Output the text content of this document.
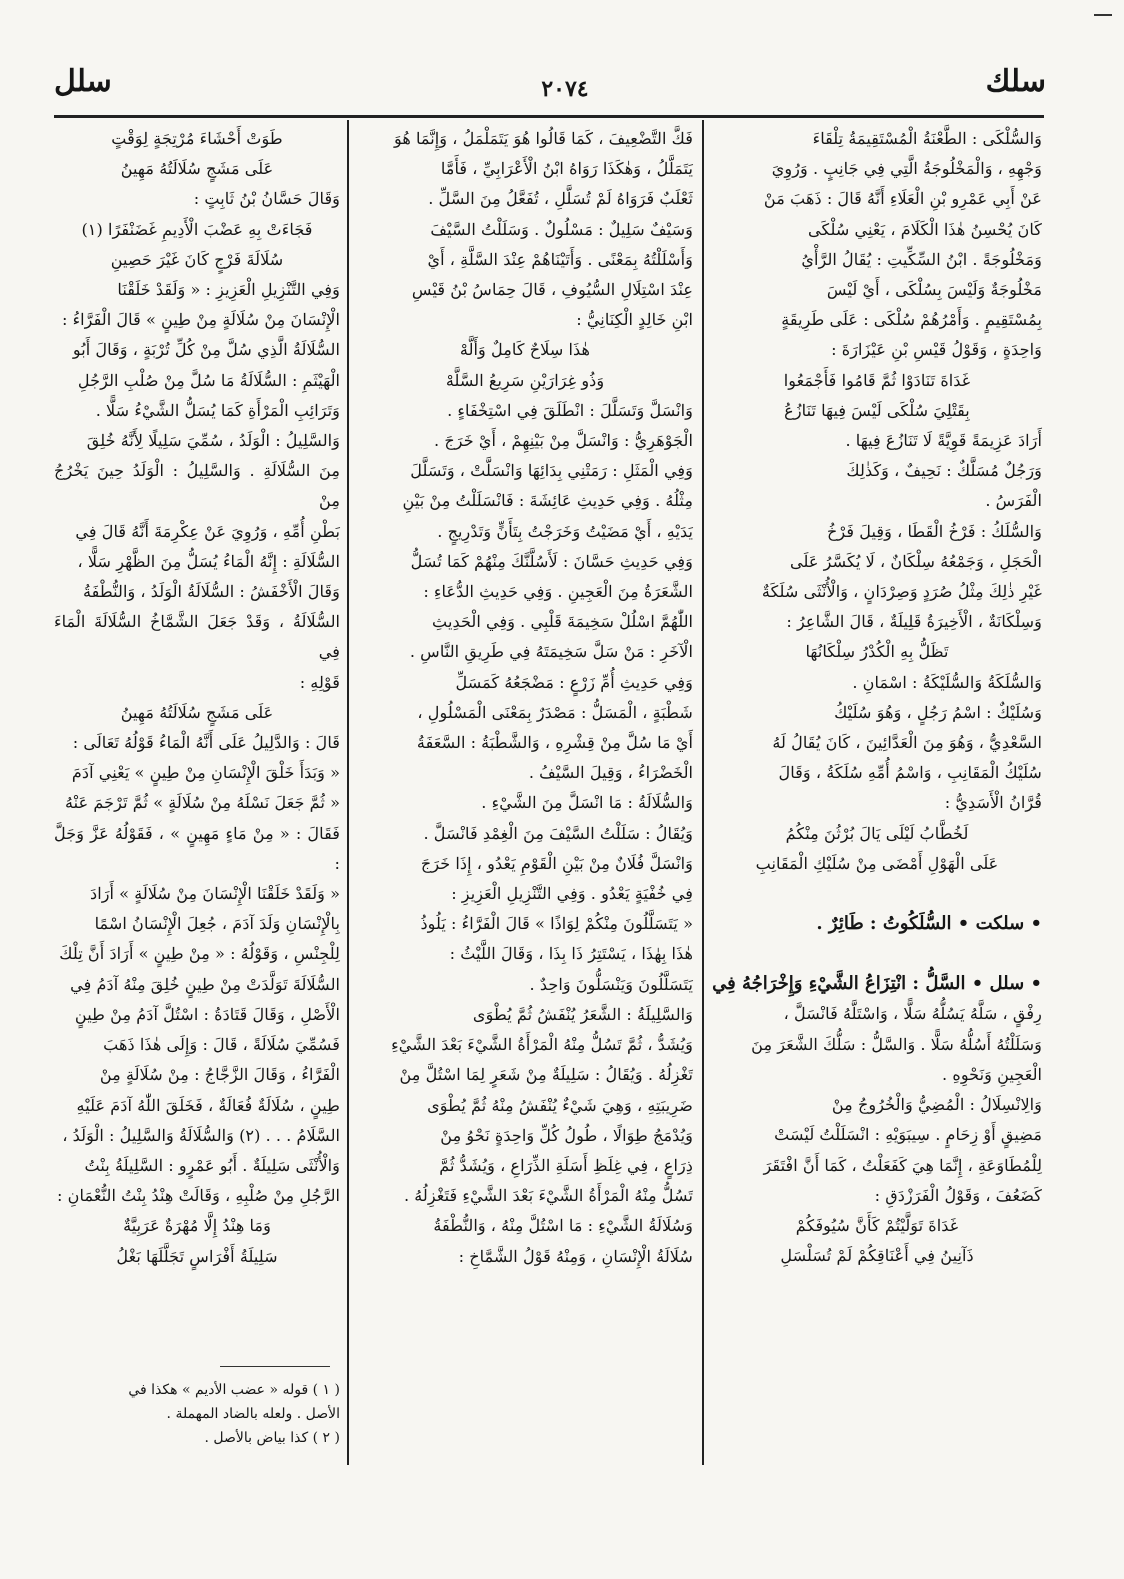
سلك
٢٠٧٤
سلل

وَالسُّلْكَى : الطَّعْنَةُ الْمُسْتَقِيمَةُ تِلْقَاءَ

وَجْهِهِ ، وَالْمَخْلُوجَةُ الَّتِي فِي جَانِبٍ . وَرُوِيَ

عَنْ أَبِي عَمْرِو بْنِ الْعَلَاءِ أَنَّهُ قَالَ : ذَهَبَ مَنْ

كَانَ يُحْسِنُ هٰذَا الْكَلَامَ ، يَعْنِي سُلْكَى

وَمَخْلُوجَةً . ابْنُ السِّكِّيتِ : يُقَالُ الرَّأْيُ

مَخْلُوجَةٌ وَلَيْسَ بِسُلْكَى ، أَيْ لَيْسَ

بِمُسْتَقِيمٍ . وَأَمْرُهُمْ سُلْكَى : عَلَى طَرِيقَةٍ

وَاحِدَةٍ ، وَقَوْلُ قَيْسِ بْنِ عَيْزَارَةَ :

غَدَاةَ تَنَادَوْا ثُمَّ قَامُوا فَأَجْمَعُوا

بِقَتْلِيَ سُلْكَى لَيْسَ فِيهَا تَنَازُعُ

أَرَادَ عَزِيمَةً قَوِيَّةً لَا تَنَازُعَ فِيهَا .

وَرَجُلٌ مُسَلَّكٌ : نَحِيفٌ ، وَكَذٰلِكَ

الْفَرَسُ .

وَالسُّلَكُ : فَرْخُ الْقَطَا ، وَقِيلَ فَرْخُ

الْحَجَلِ ، وَجَمْعُهُ سِلْكَانٌ ، لَا يُكَسَّرُ عَلَى

غَيْرِ ذٰلِكَ مِثْلُ صُرَدٍ وَصِرْدَانٍ ، وَالْأُنْثَى سُلَكَةٌ

وَسِلْكَانَةٌ ، الْأَخِيرَةُ قَلِيلَةٌ ، قَالَ الشَّاعِرُ :

تَظَلُّ بِهِ الْكُدْرُ سِلْكَانُهَا

وَالسُّلَكَةُ وَالسُّلَيْكَةُ : اسْمَانِ .

وَسُلَيْكٌ : اسْمُ رَجُلٍ ، وَهُوَ سُلَيْكُ

السَّعْدِيُّ ، وَهُوَ مِنَ الْعَدَّائِينَ ، كَانَ يُقَالُ لَهُ

سُلَيْكُ الْمَقَانِبِ ، وَاسْمُ أُمِّهِ سُلَكَةُ ، وَقَالَ

قُرَّانُ الْأَسَدِيُّ :

لَخُطَّابُ لَيْلَى يَالَ بُرْثُنَ مِنْكُمُ

عَلَى الْهَوْلِ أَمْضَى مِنْ سُلَيْكِ الْمَقَانِبِ

• سلكت • السُّلَكُوتُ : طَائِرٌ .

• سلل • السَّلُّ : انْتِزَاعُ الشَّيْءِ وَإِخْرَاجُهُ فِي

رِفْقٍ ، سَلَّهُ يَسُلُّهُ سَلًّا ، وَاسْتَلَّهُ فَانْسَلَّ ،

وَسَلَلْتُهُ أَسُلُّهُ سَلًّا . وَالسَّلُّ : سَلُّكَ الشَّعَرَ مِنَ

الْعَجِينِ وَنَحْوِهِ .

وَالِانْسِلَالُ : الْمُضِيُّ وَالْخُرُوجُ مِنْ

مَضِيقٍ أَوْ زِحَامٍ . سِيبَوَيْهِ : انْسَلَلْتُ لَيْسَتْ

لِلْمُطَاوَعَةِ ، إِنَّمَا هِيَ كَفَعَلْتُ ، كَمَا أَنَّ افْتَقَرَ

كَضَعُفَ ، وَقَوْلُ الْفَرَزْدَقِ :

غَدَاةَ تَوَلَّيْتُمْ كَأَنَّ سُيُوفَكُمْ

ذَآنِينُ فِي أَعْنَاقِكُمْ لَمْ تُسَلْسَلِ

فَكَّ التَّضْعِيفَ ، كَمَا قَالُوا هُوَ يَتَمَلْمَلُ ، وَإِنَّمَا هُوَ

يَتَمَلَّلُ ، وَهٰكَذَا رَوَاهُ ابْنُ الْأَعْرَابِيِّ ، فَأَمَّا

ثَعْلَبٌ فَرَوَاهُ لَمْ تُسَلَّلِ ، تُفَعَّلُ مِنَ السَّلِّ .

وَسَيْفٌ سَلِيلٌ : مَسْلُولٌ . وَسَلَلْتُ السَّيْفَ

وَأَسْلَلْتُهُ بِمَعْنًى . وَأَتَيْنَاهُمْ عِنْدَ السَّلَّةِ ، أَيْ

عِنْدَ اسْتِلَالِ السُّيُوفِ ، قَالَ حِمَاسُ بْنُ قَيْسِ

ابْنِ خَالِدٍ الْكِنَانِيُّ :

هٰذَا سِلَاحٌ كَامِلٌ وَأَلَّهْ

وَذُو غِرَارَيْنِ سَرِيعُ السَّلَّهْ

وَانْسَلَّ وَتَسَلَّلَ : انْطَلَقَ فِي اسْتِخْفَاءٍ .

الْجَوْهَرِيُّ : وَانْسَلَّ مِنْ بَيْنِهِمْ ، أَيْ خَرَجَ .

وَفِي الْمَثَلِ : رَمَتْنِي بِدَائِهَا وَانْسَلَّتْ ، وَتَسَلَّلَ

مِثْلُهُ . وَفِي حَدِيثِ عَائِشَةَ : فَانْسَلَلْتُ مِنْ بَيْنِ

يَدَيْهِ ، أَيْ مَضَيْتُ وَخَرَجْتُ بِتَأَنٍّ وَتَدْرِيجٍ .

وَفِي حَدِيثِ حَسَّانَ : لَأَسُلَّنَّكَ مِنْهُمْ كَمَا تُسَلُّ

الشَّعَرَةُ مِنَ الْعَجِينِ . وَفِي حَدِيثِ الدُّعَاءِ :

اللّٰهُمَّ اسْلُلْ سَخِيمَةَ قَلْبِي . وَفِي الْحَدِيثِ

الْآخَرِ : مَنْ سَلَّ سَخِيمَتَهُ فِي طَرِيقِ النَّاسِ .

وَفِي حَدِيثِ أُمِّ زَرْعٍ : مَضْجَعُهُ كَمَسَلِّ

شَطْبَةٍ ، الْمَسَلُّ : مَصْدَرٌ بِمَعْنَى الْمَسْلُولِ ،

أَيْ مَا سُلَّ مِنْ قِشْرِهِ ، وَالشَّطْبَةُ : السَّعَفَةُ

الْخَضْرَاءُ ، وَقِيلَ السَّيْفُ .

وَالسُّلَالَةُ : مَا انْسَلَّ مِنَ الشَّيْءِ .

وَيُقَالُ : سَلَلْتُ السَّيْفَ مِنَ الْغِمْدِ فَانْسَلَّ .

وَانْسَلَّ فُلَانٌ مِنْ بَيْنِ الْقَوْمِ يَعْدُو ، إِذَا خَرَجَ

فِي خُفْيَةٍ يَعْدُو . وَفِي التَّنْزِيلِ الْعَزِيزِ :

« يَتَسَلَّلُونَ مِنْكُمْ لِوَاذًا » قَالَ الْفَرَّاءُ : يَلُوذُ

هٰذَا بِهٰذَا ، يَسْتَتِرُ ذَا بِذَا ، وَقَالَ اللَّيْثُ :

يَتَسَلَّلُونَ وَيَنْسَلُّونَ وَاحِدٌ .

وَالسَّلِيلَةُ : الشَّعَرُ يُنْفَشُ ثُمَّ يُطْوَى

وَيُشَدُّ ، ثُمَّ تَسُلُّ مِنْهُ الْمَرْأَةُ الشَّيْءَ بَعْدَ الشَّيْءِ

تَغْزِلُهُ . وَيُقَالُ : سَلِيلَةٌ مِنْ شَعَرٍ لِمَا اسْتُلَّ مِنْ

ضَرِيبَتِهِ ، وَهِيَ شَيْءٌ يُنْفَشُ مِنْهُ ثُمَّ يُطْوَى

وَيُدْمَجُ طِوَالًا ، طُولُ كُلِّ وَاحِدَةٍ نَحْوُ مِنْ

ذِرَاعٍ ، فِي غِلَظِ أَسَلَةِ الذِّرَاعِ ، وَيُشَدُّ ثُمَّ

تَسُلُّ مِنْهُ الْمَرْأَةُ الشَّيْءَ بَعْدَ الشَّيْءِ فَتَغْزِلُهُ .

وَسُلَالَةُ الشَّيْءِ : مَا اسْتُلَّ مِنْهُ ، وَالنُّطْفَةُ

سُلَالَةُ الْإِنْسَانِ ، وَمِنْهُ قَوْلُ الشَّمَّاخِ :

طَوَتْ أَحْشَاءَ مُرْتِجَةٍ لِوَقْتٍ

عَلَى مَشَجٍ سُلَالَتُهُ مَهِينُ

وَقَالَ حَسَّانُ بْنُ ثَابِتٍ :

فَجَاءَتْ بِهِ عَضْبَ الْأَدِيمِ غَضَنْفَرًا (١)

سُلَالَةَ فَرْجٍ كَانَ غَيْرَ حَصِينِ

وَفِي التَّنْزِيلِ الْعَزِيزِ : « وَلَقَدْ خَلَقْنَا

الْإِنْسَانَ مِنْ سُلَالَةٍ مِنْ طِينٍ » قَالَ الْفَرَّاءُ :

السُّلَالَةُ الَّذِي سُلَّ مِنْ كُلِّ تُرْبَةٍ ، وَقَالَ أَبُو

الْهَيْثَمِ : السُّلَالَةُ مَا سُلَّ مِنْ صُلْبِ الرَّجُلِ

وَتَرَائِبِ الْمَرْأَةِ كَمَا يُسَلُّ الشَّيْءُ سَلًّا .

وَالسَّلِيلُ : الْوَلَدُ ، سُمِّيَ سَلِيلًا لِأَنَّهُ خُلِقَ

مِنَ السُّلَالَةِ . وَالسَّلِيلُ : الْوَلَدُ حِينَ يَخْرُجُ مِنْ

بَطْنِ أُمِّهِ ، وَرُوِيَ عَنْ عِكْرِمَةَ أَنَّهُ قَالَ فِي

السُّلَالَةِ : إِنَّهُ الْمَاءُ يُسَلُّ مِنَ الظَّهْرِ سَلًّا ،

وَقَالَ الْأَخْفَشُ : السُّلَالَةُ الْوَلَدُ ، وَالنُّطْفَةُ

السُّلَالَةُ ، وَقَدْ جَعَلَ الشَّمَّاخُ السُّلَالَةَ الْمَاءَ فِي

قَوْلِهِ :

عَلَى مَشَجٍ سُلَالَتُهُ مَهِينُ

قَالَ : وَالدَّلِيلُ عَلَى أَنَّهُ الْمَاءُ قَوْلُهُ تَعَالَى :

« وَبَدَأَ خَلْقَ الْإِنْسَانِ مِنْ طِينٍ » يَعْنِي آدَمَ

« ثُمَّ جَعَلَ نَسْلَهُ مِنْ سُلَالَةٍ » ثُمَّ تَرْجَمَ عَنْهُ

فَقَالَ : « مِنْ مَاءٍ مَهِينٍ » ، فَقَوْلُهُ عَزَّ وَجَلَّ :

« وَلَقَدْ خَلَقْنَا الْإِنْسَانَ مِنْ سُلَالَةٍ » أَرَادَ

بِالْإِنْسَانِ وَلَدَ آدَمَ ، جُعِلَ الْإِنْسَانُ اسْمًا

لِلْجِنْسِ ، وَقَوْلُهُ : « مِنْ طِينٍ » أَرَادَ أَنَّ تِلْكَ

السُّلَالَةَ تَوَلَّدَتْ مِنْ طِينٍ خُلِقَ مِنْهُ آدَمُ فِي

الْأَصْلِ ، وَقَالَ قَتَادَةُ : اسْتُلَّ آدَمُ مِنْ طِينٍ

فَسُمِّيَ سُلَالَةً ، قَالَ : وَإِلَى هٰذَا ذَهَبَ

الْفَرَّاءُ ، وَقَالَ الزَّجَّاجُ : مِنْ سُلَالَةٍ مِنْ

طِينٍ ، سُلَالَةٌ فُعَالَةٌ ، فَخَلَقَ اللّٰهُ آدَمَ عَلَيْهِ

السَّلَامُ . . . (٢) وَالسُّلَالَةُ وَالسَّلِيلُ : الْوَلَدُ ،

وَالْأُنْثَى سَلِيلَةٌ . أَبُو عَمْرٍو : السَّلِيلَةُ بِنْتُ

الرَّجُلِ مِنْ صُلْبِهِ ، وَقَالَتْ هِنْدُ بِنْتُ النُّعْمَانِ :

وَمَا هِنْدُ إِلَّا مُهْرَةٌ عَرَبِيَّةٌ

سَلِيلَةُ أَفْرَاسٍ تَجَلَّلَهَا بَغْلُ

( ١ ) قوله « عضب الأديم » هكذا في

الأصل . ولعله بالضاد المهملة .

( ٢ ) كذا بياض بالأصل .
